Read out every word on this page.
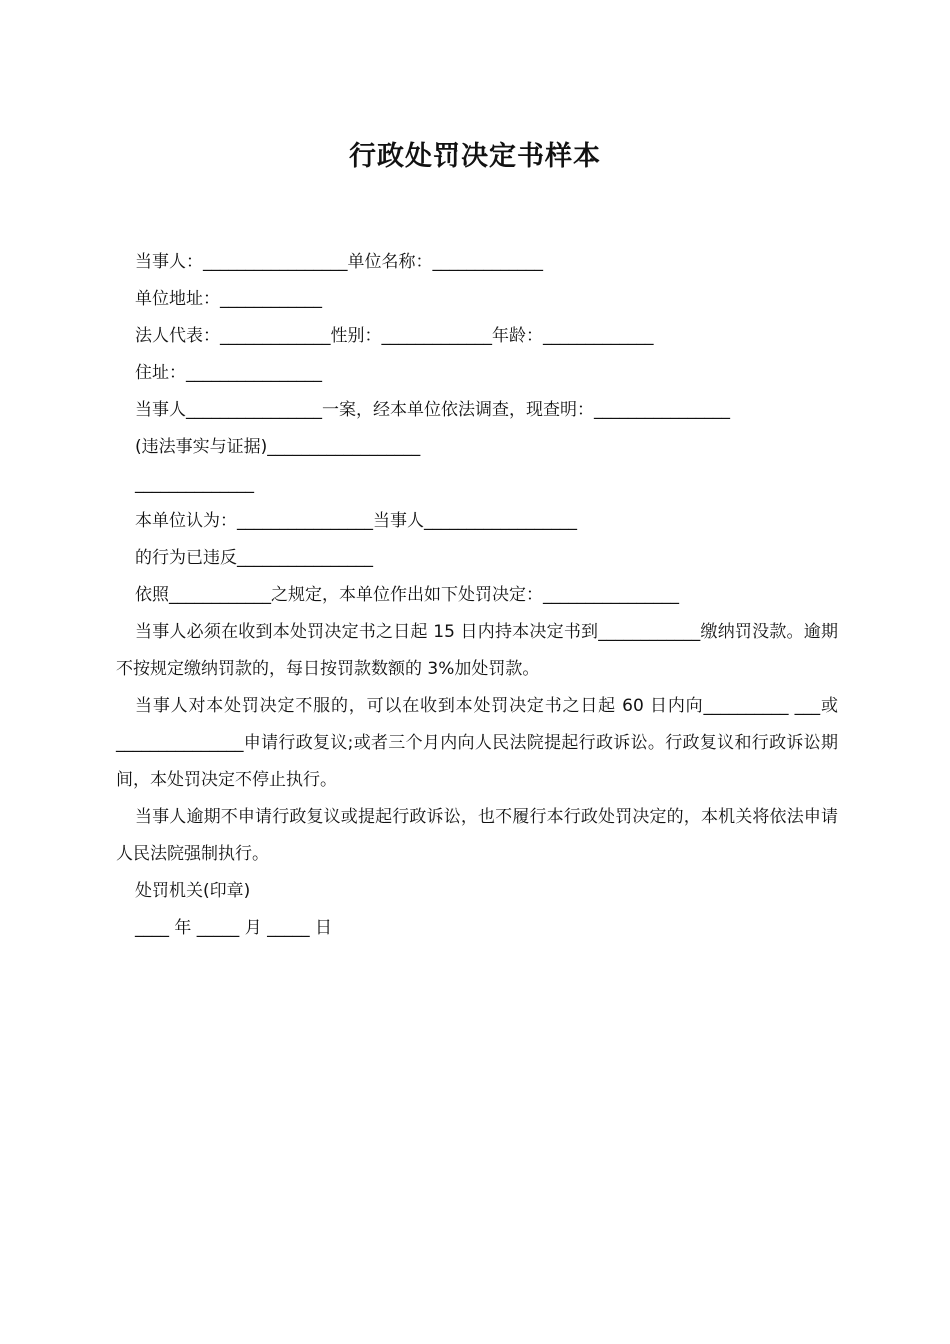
行政处罚决定书样本
当事人：_________________单位名称：_____________
单位地址：____________
法人代表：_____________性别：_____________年龄：_____________
住址：________________
当事人________________一案，经本单位依法调查，现查明：________________
(违法事实与证据)__________________
______________
本单位认为：________________当事人__________________
的行为已违反________________
依照____________之规定，本单位作出如下处罚决定：________________
当事人必须在收到本处罚决定书之日起 15 日内持本决定书到____________缴纳罚没款。逾期不按规定缴纳罚款的，每日按罚款数额的 3%加处罚款。
当事人对本处罚决定不服的，可以在收到本处罚决定书之日起 60 日内向__________ ___或_______________申请行政复议;或者三个月内向人民法院提起行政诉讼。行政复议和行政诉讼期间，本处罚决定不停止执行。
当事人逾期不申请行政复议或提起行政诉讼，也不履行本行政处罚决定的，本机关将依法申请人民法院强制执行。
处罚机关(印章)
____ 年 _____ 月 _____ 日
